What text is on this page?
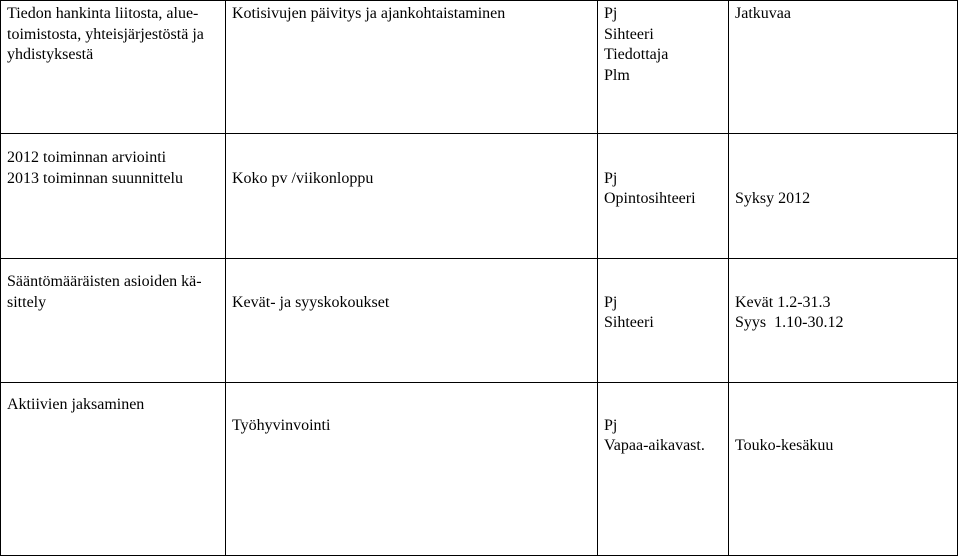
Tiedon hankinta liitosta, alue-
toimistosta, yhteisjärjestöstä ja
yhdistyksestä	Kotisivujen päivitys ja ajankohtaistaminen	Pj
Sihteeri
Tiedottaja
Plm	Jatkuvaa

2012 toiminnan arviointi
2013 toiminnan suunnittelu	Koko pv /viikonloppu	Pj
Opintosihteeri	Syksy 2012

Sääntömääräisten asioiden kä-
sittely	Kevät- ja syyskokoukset	Pj
Sihteeri	Kevät 1.2-31.3
Syys  1.10-30.12

Aktiivien jaksaminen	Työhyvinvointi	Pj
Vapaa-aikavast.	Touko-kesäkuu
